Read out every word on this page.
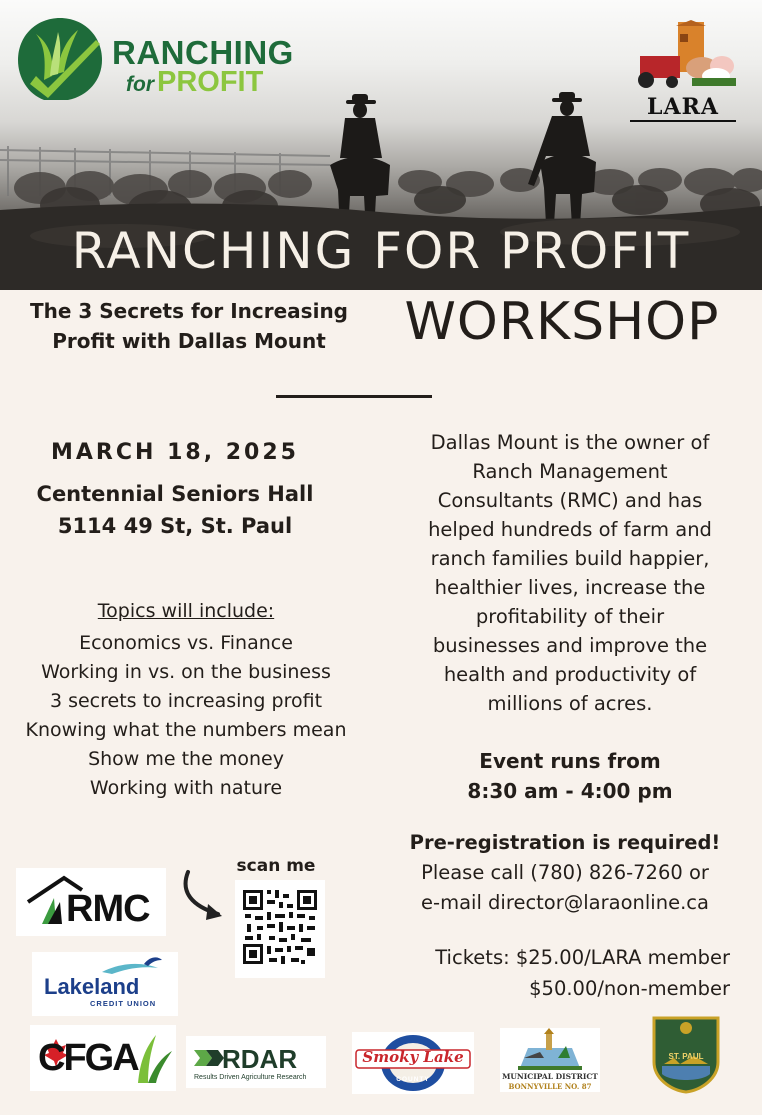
RANCHING
for PROFIT
LARA
RANCHING FOR PROFIT
The 3 Secrets for Increasing
Profit with Dallas Mount	WORKSHOP
MARCH 18, 2025
Centennial Seniors Hall
5114 49 St, St. Paul
Topics will include:
Economics vs. Finance
Working in vs. on the business
3 secrets to increasing profit
Knowing what the numbers mean
Show me the money
Working with nature
Dallas Mount is the owner of
Ranch Management
Consultants (RMC) and has
helped hundreds of farm and
ranch families build happier,
healthier lives, increase the
profitability of their
businesses and improve the
health and productivity of
millions of acres.
Event runs from
8:30 am - 4:00 pm
Pre-registration is required!
Please call (780) 826-7260 or
e-mail director@laraonline.ca
Tickets: $25.00/LARA member
$50.00/non-member
RMC
scan me
Lakeland
CREDIT UNION
CFGA	RDAR
Results Driven Agriculture Research
Smoky Lake
COUNTY	MUNICIPAL DISTRICT
BONNYVILLE NO. 87
ST. PAUL
